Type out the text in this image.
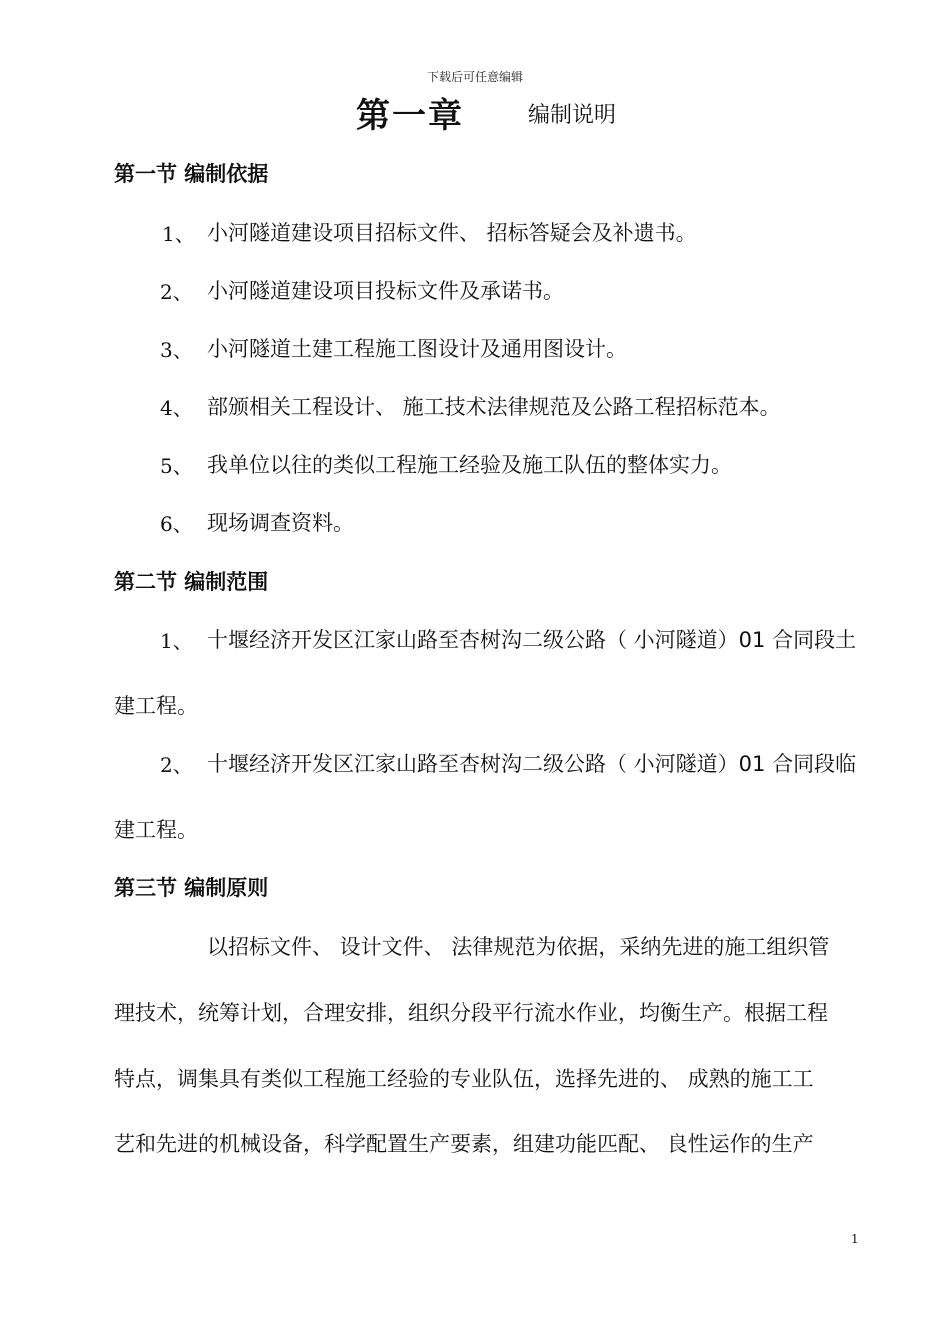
下载后可任意编辑
第一章	编制说明
第一节 编制依据
1、 小河隧道建设项目招标文件、 招标答疑会及补遗书。
2、 小河隧道建设项目投标文件及承诺书。
3、 小河隧道土建工程施工图设计及通用图设计。
4、 部颁相关工程设计、 施工技术法律规范及公路工程招标范本。
5、 我单位以往的类似工程施工经验及施工队伍的整体实力。
6、 现场调查资料。
第二节 编制范围
1、 十堰经济开发区江家山路至杏树沟二级公路（ 小河隧道）01 合同段土
建工程。
2、 十堰经济开发区江家山路至杏树沟二级公路（ 小河隧道）01 合同段临
建工程。
第三节 编制原则
以招标文件、 设计文件、 法律规范为依据，采纳先进的施工组织管
理技术，统筹计划，合理安排，组织分段平行流水作业，均衡生产。根据工程
特点，调集具有类似工程施工经验的专业队伍，选择先进的、 成熟的施工工
艺和先进的机械设备，科学配置生产要素，组建功能匹配、 良性运作的生产
1
